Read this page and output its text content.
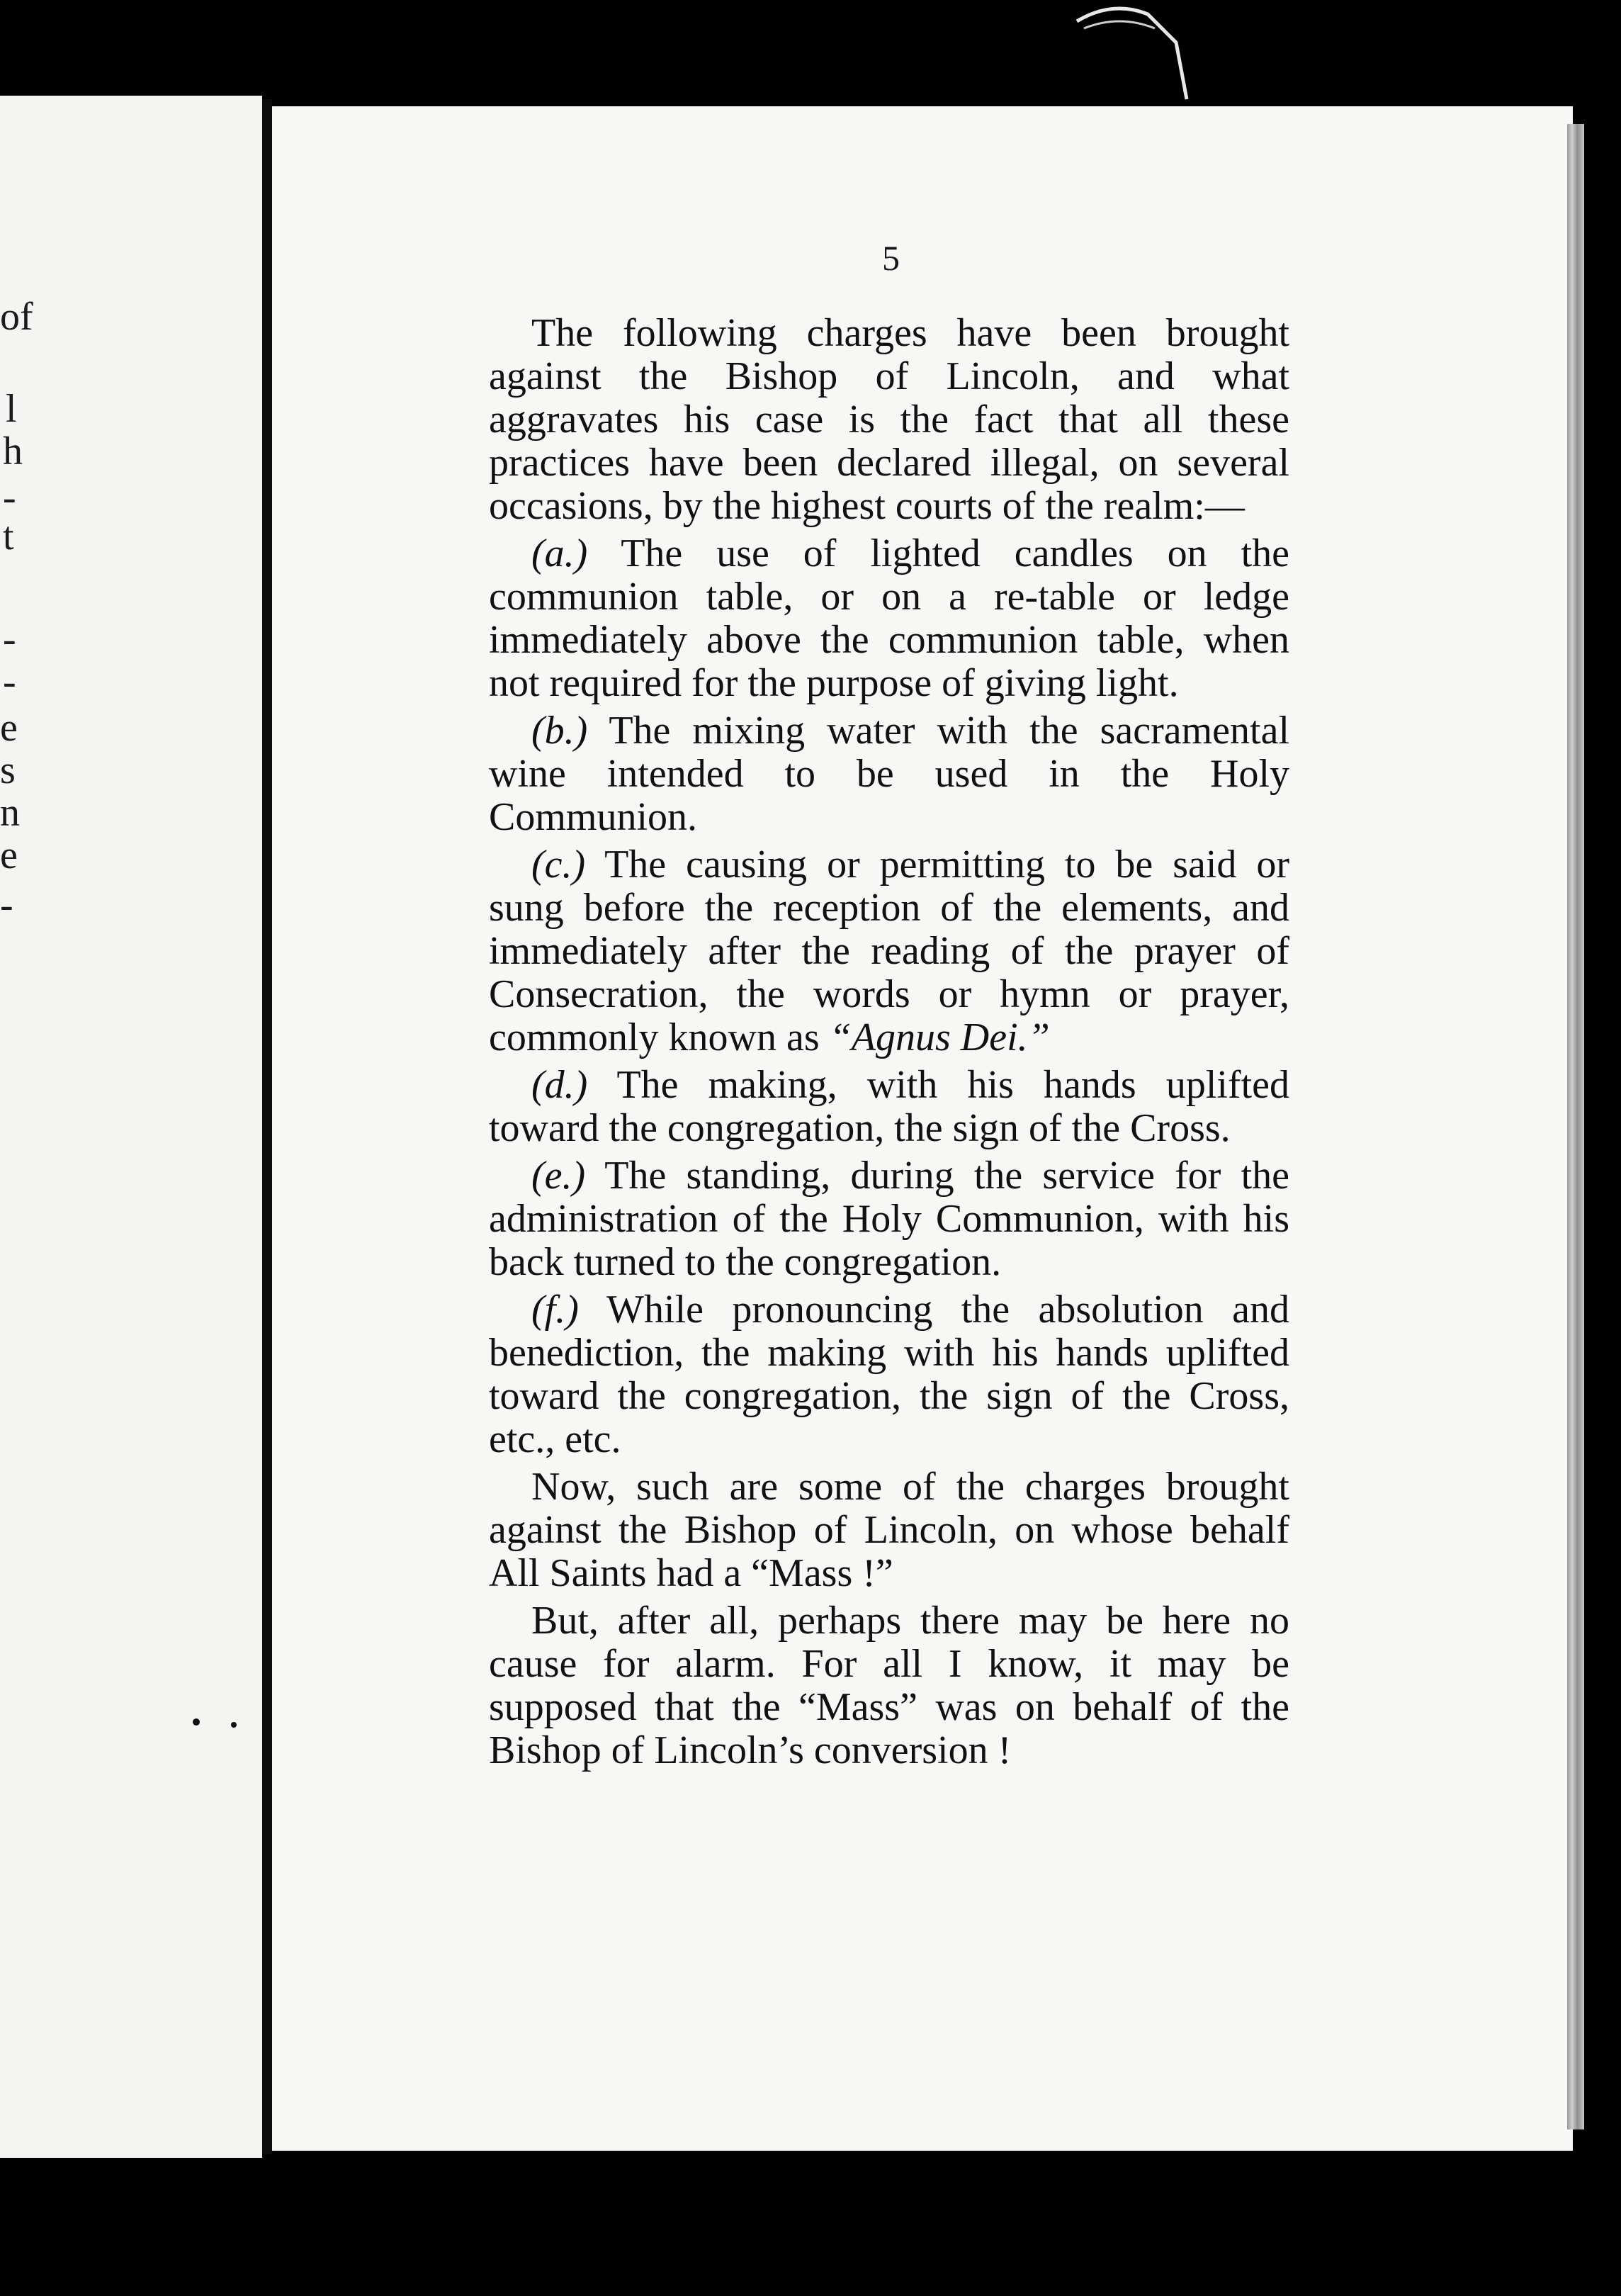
of
l
h
-
t
-
-
e
s
n
e
-
5

The following charges have been brought against the Bishop of Lincoln, and what aggravates his case is the fact that all these practices have been declared illegal, on several occasions, by the highest courts of the realm:—

(a.) The use of lighted candles on the communion table, or on a re-table or ledge immediately above the communion table, when not required for the purpose of giving light.

(b.) The mixing water with the sacramental wine intended to be used in the Holy Communion.

(c.) The causing or permitting to be said or sung before the reception of the elements, and immediately after the reading of the prayer of Consecration, the words or hymn or prayer, commonly known as “Agnus Dei.”

(d.) The making, with his hands uplifted toward the congregation, the sign of the Cross.

(e.) The standing, during the service for the administration of the Holy Communion, with his back turned to the congregation.

(f.) While pronouncing the absolution and benediction, the making with his hands uplifted toward the congregation, the sign of the Cross, etc., etc.

Now, such are some of the charges brought against the Bishop of Lincoln, on whose behalf All Saints had a “Mass !”

But, after all, perhaps there may be here no cause for alarm. For all I know, it may be supposed that the “Mass” was on behalf of the Bishop of Lincoln’s conversion !
